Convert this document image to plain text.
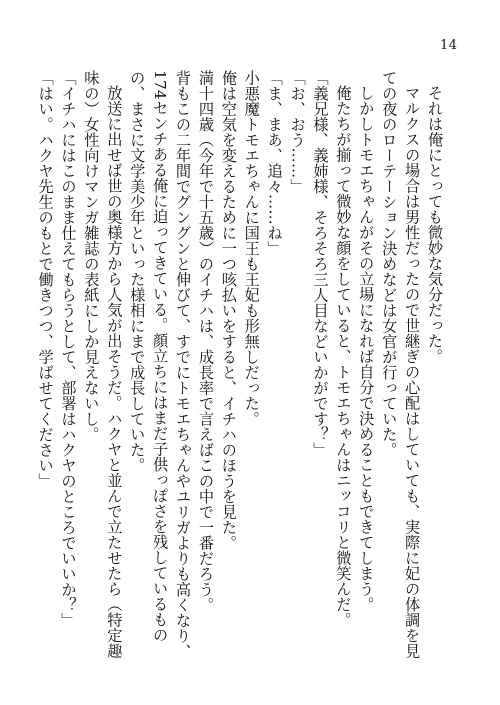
14

それは俺にとっても微妙な気分だった。

マルクスの場合は男性だったので世継ぎの心配はしていても、実際に妃の体調を見ての夜のローテーション決めなどは女官が行っていた。

しかしトモエちゃんがその立場になれば自分で決めることもできてしまう。

俺たちが揃って微妙な顔をしていると、トモエちゃんはニッコリと微笑んだ。

「義兄様、義姉様、そろそろ三人目などいかがです？」

「お、おう……」

「ま、まあ、追々……ね」

小悪魔トモエちゃんに国王も王妃も形無しだった。

俺は空気を変えるために一つ咳払いをすると、イチハのほうを見た。

満十四歳（今年で十五歳）のイチハは、成長率で言えばこの中で一番だろう。

背もこの二年間でグングンと伸びて、すでにトモエちゃんやユリガよりも高くなり、174センチある俺に迫ってきている。顔立ちにはまだ子供っぽさを残しているものの、まさに文学美少年といった様相にまで成長していた。

放送に出せば世の奥様方から人気が出そうだ。ハクヤと並んで立たせたら（特定趣味の）女性向けマンガ雑誌の表紙にしか見えないし。

「イチハにはこのまま仕えてもらうとして、部署はハクヤのところでいいか？」

「はい。ハクヤ先生のもとで働きつつ、学ばせてください」
